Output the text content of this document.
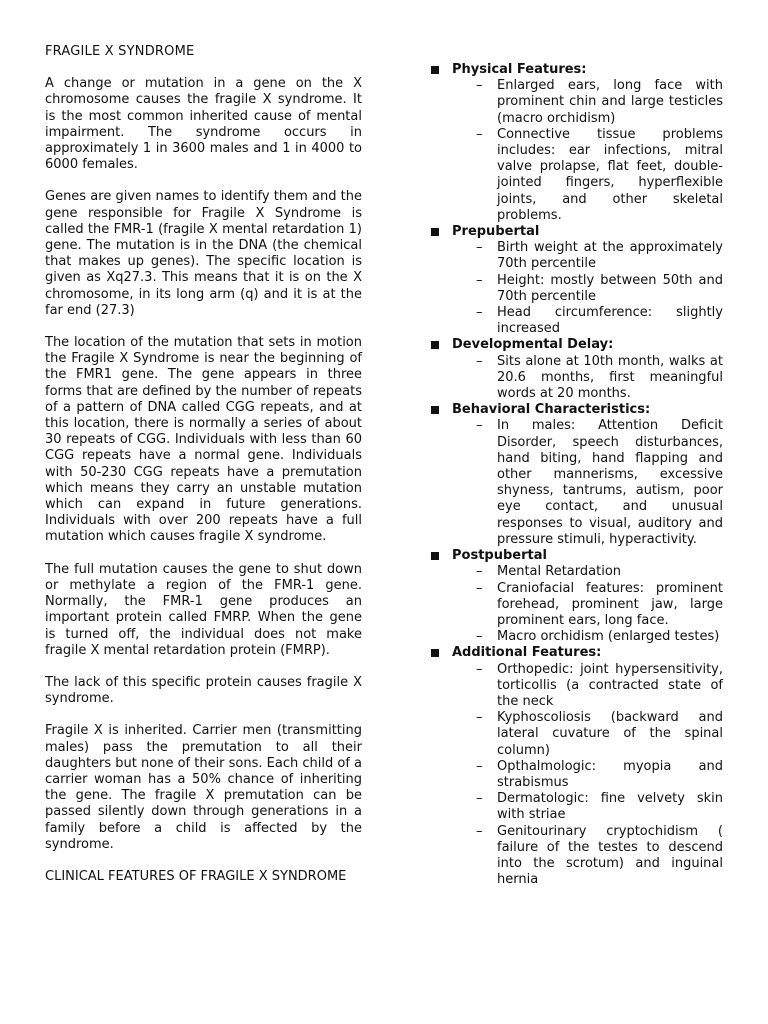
FRAGILE X SYNDROME
A change or mutation in a gene on the X chromosome causes the fragile X syndrome. It is the most common inherited cause of mental impairment. The syndrome occurs in approximately 1 in 3600 males and 1 in 4000 to 6000 females.
Genes are given names to identify them and the gene responsible for Fragile X Syndrome is called the FMR-1 (fragile X mental retardation 1) gene. The mutation is in the DNA (the chemical that makes up genes). The specific location is given as Xq27.3. This means that it is on the X chromosome, in its long arm (q) and it is at the far end (27.3)
The location of the mutation that sets in motion the Fragile X Syndrome is near the beginning of the FMR1 gene. The gene appears in three forms that are defined by the number of repeats of a pattern of DNA called CGG repeats, and at this location, there is normally a series of about 30 repeats of CGG. Individuals with less than 60 CGG repeats have a normal gene. Individuals with 50-230 CGG repeats have a premutation which means they carry an unstable mutation which can expand in future generations. Individuals with over 200 repeats have a full mutation which causes fragile X syndrome.
The full mutation causes the gene to shut down or methylate a region of the FMR-1 gene. Normally, the FMR-1 gene produces an important protein called FMRP. When the gene is turned off, the individual does not make fragile X mental retardation protein (FMRP).
The lack of this specific protein causes fragile X syndrome.
Fragile X is inherited. Carrier men (transmitting males) pass the premutation to all their daughters but none of their sons. Each child of a carrier woman has a 50% chance of inheriting the gene. The fragile X premutation can be passed silently down through generations in a family before a child is affected by the syndrome.
CLINICAL FEATURES OF FRAGILE X SYNDROME
Physical Features:
– Enlarged ears, long face with prominent chin and large testicles (macro orchidism)
– Connective tissue problems includes: ear infections, mitral valve prolapse, flat feet, double-jointed fingers, hyperflexible joints, and other skeletal problems.
Prepubertal
– Birth weight at the approximately 70th percentile
– Height: mostly between 50th and 70th percentile
– Head circumference: slightly increased
Developmental Delay:
– Sits alone at 10th month, walks at 20.6 months, first meaningful words at 20 months.
Behavioral Characteristics:
– In males: Attention Deficit Disorder, speech disturbances, hand biting, hand flapping and other mannerisms, excessive shyness, tantrums, autism, poor eye contact, and unusual responses to visual, auditory and pressure stimuli, hyperactivity.
Postpubertal
– Mental Retardation
– Craniofacial features: prominent forehead, prominent jaw, large prominent ears, long face.
– Macro orchidism (enlarged testes)
Additional Features:
– Orthopedic: joint hypersensitivity, torticollis (a contracted state of the neck
– Kyphoscoliosis (backward and lateral cuvature of the spinal column)
– Opthalmologic: myopia and strabismus
– Dermatologic: fine velvety skin with striae
– Genitourinary cryptochidism ( failure of the testes to descend into the scrotum) and inguinal hernia
